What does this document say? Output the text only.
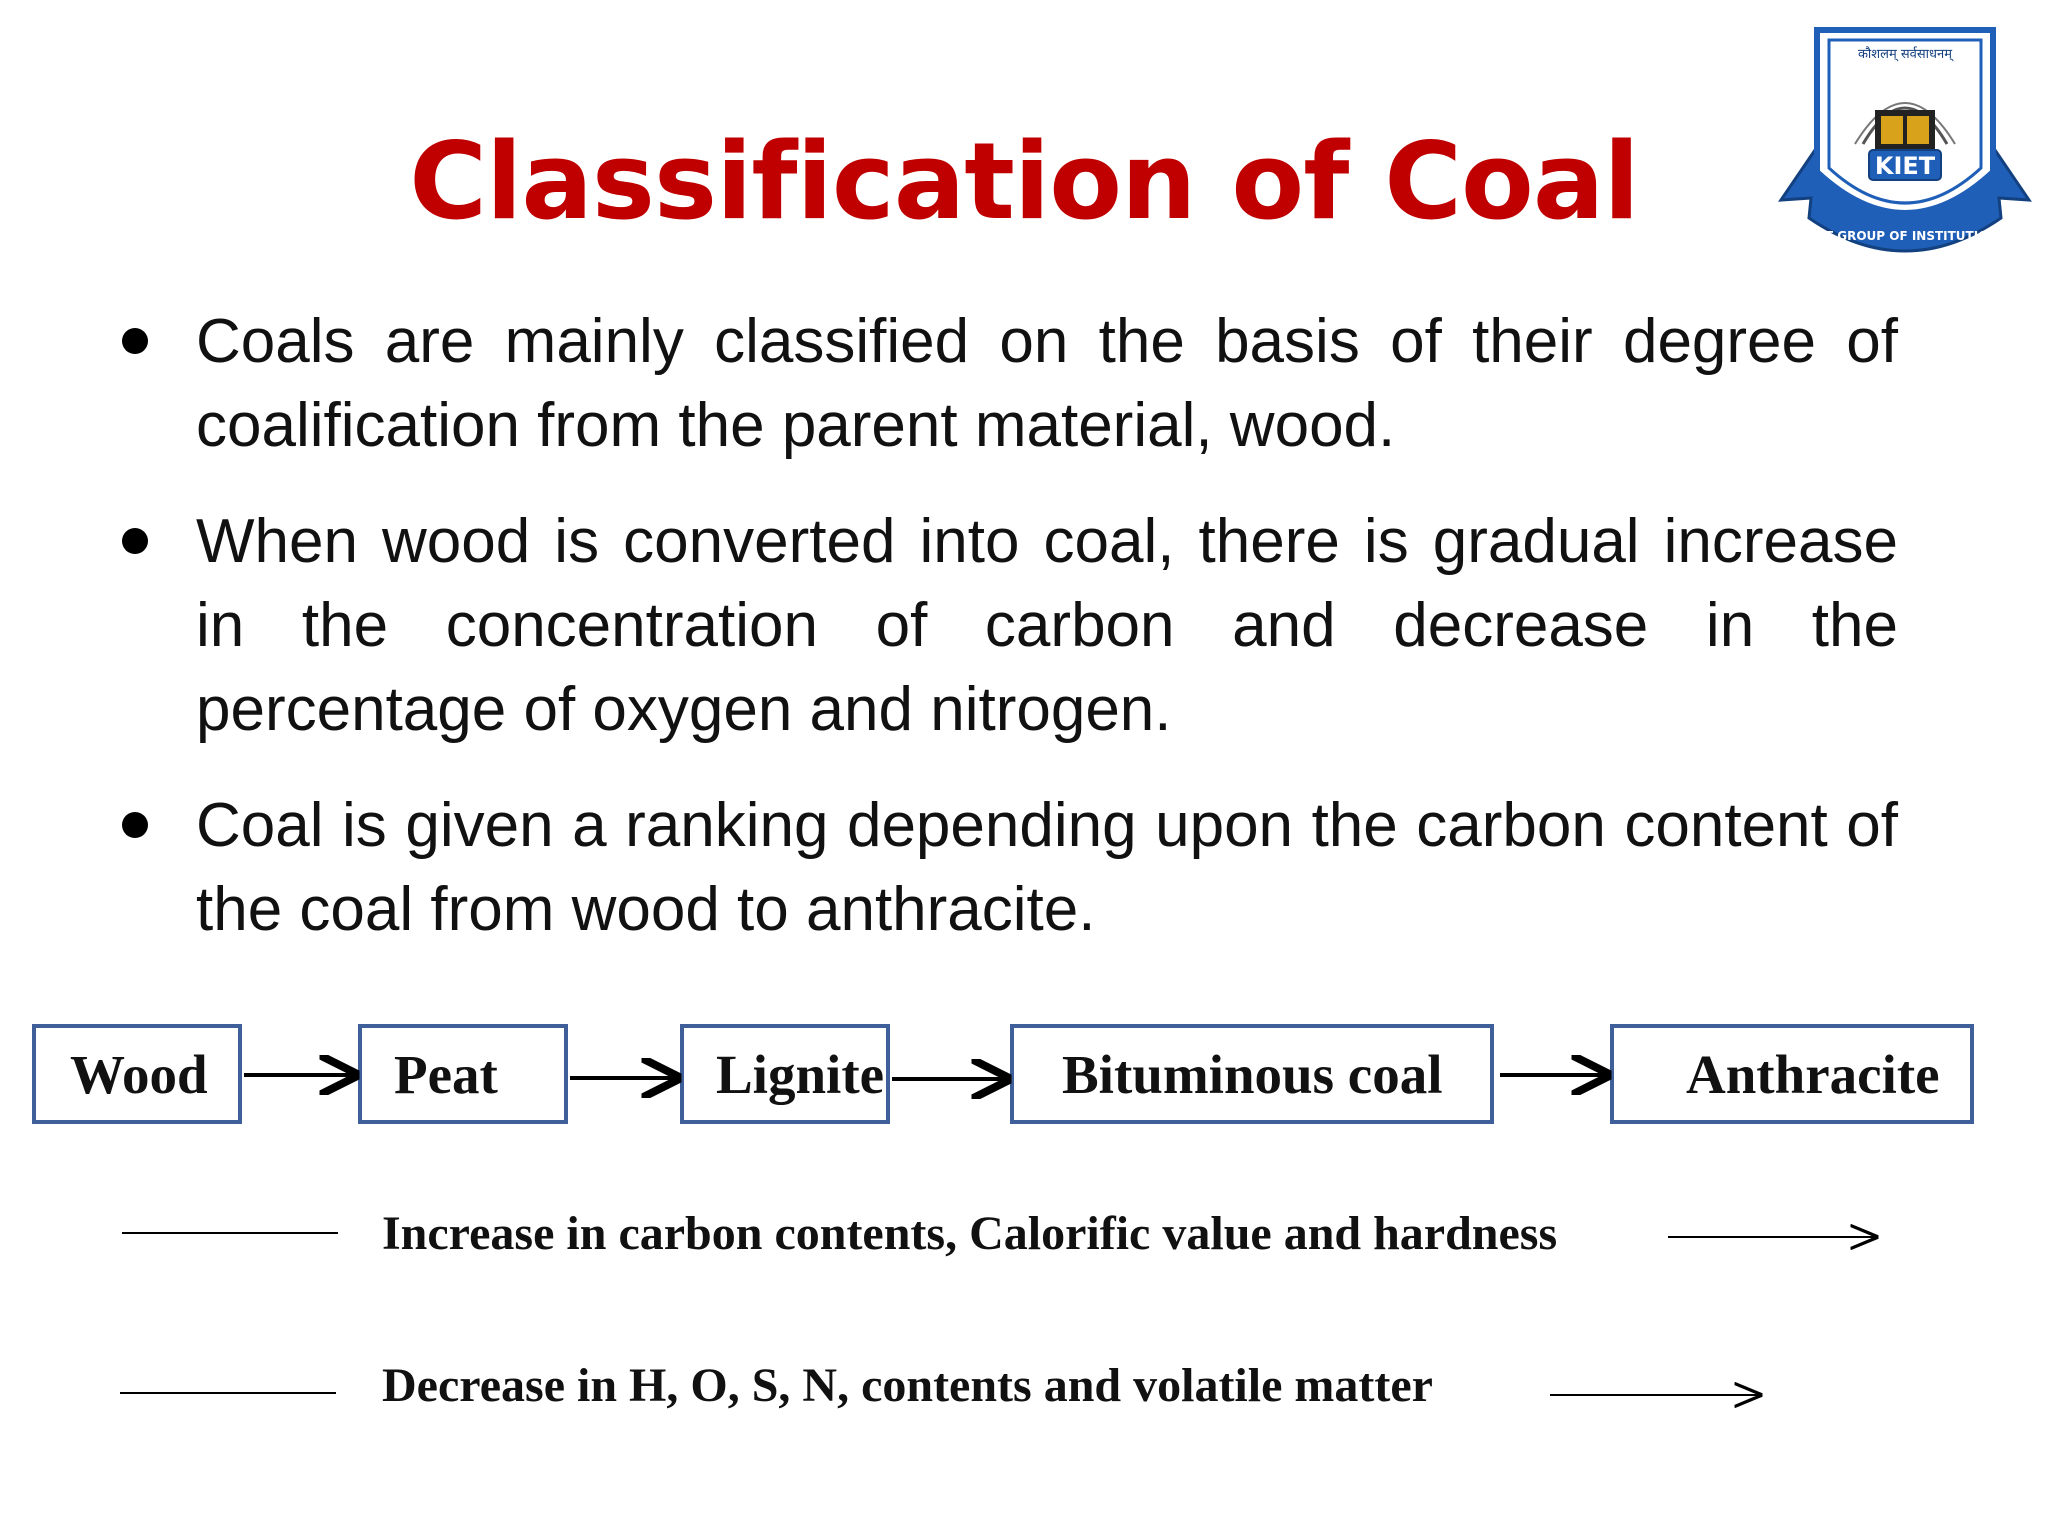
Classification of Coal	KIET
कौशलम् सर्वसाधनम्
KIET GROUP OF INSTITUTIONS
Coals are mainly classified on the basis of their degree of coalification from the parent material, wood.
When wood is converted into coal, there is gradual increase in the concentration of carbon and decrease in the percentage of oxygen and nitrogen.
Coal is given a ranking depending upon the carbon content of the coal from wood to anthracite.
Wood	Peat	Lignite	Bituminous coal	Anthracite
Increase in carbon contents, Calorific value and hardness
Decrease in H, O, S, N, contents and volatile matter
